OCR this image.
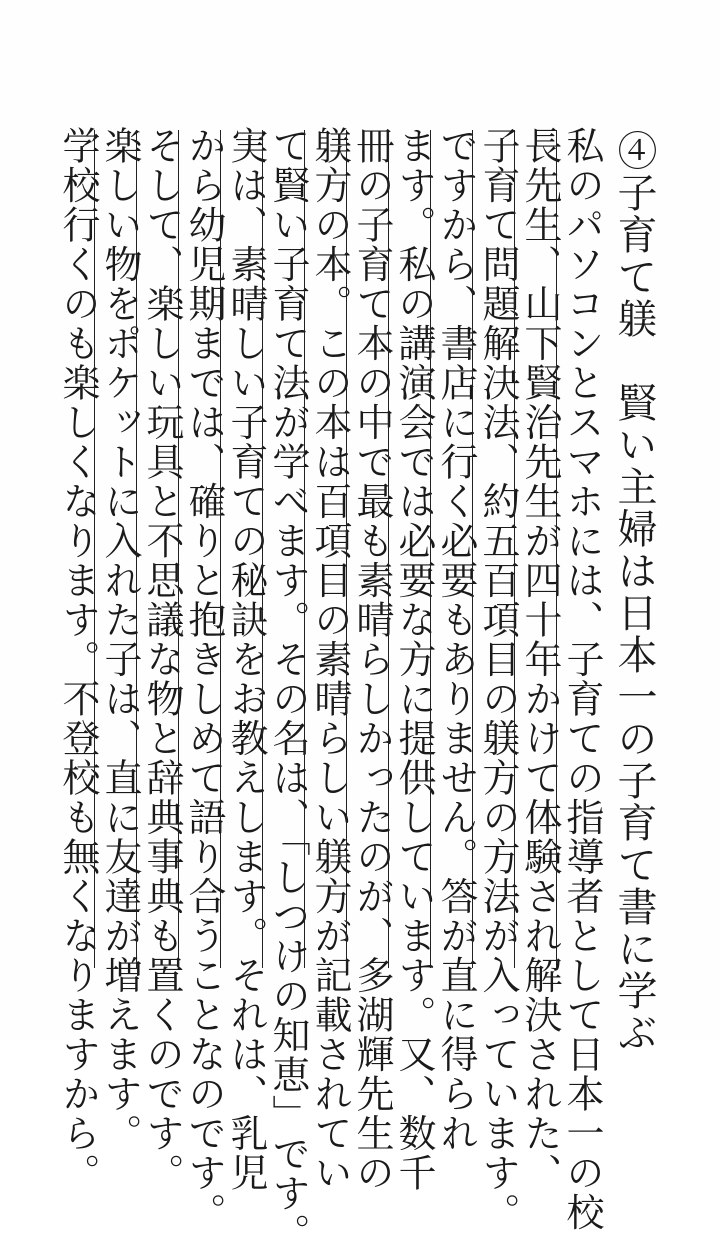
④子育て躾　賢い主婦は日本一の子育て書に学ぶ
私のパソコンとスマホには、子育ての指導者として日本一の校
長先生、山下賢治先生が四十年かけて体験され解決された、
子育て問題解決法、約五百項目の躾方の方法が入っています。
ですから、書店に行く必要もありません。答が直に得られ
ます。私の講演会では必要な方に提供しています。又、数千
冊の子育て本の中で最も素晴らしかったのが、多湖輝先生の
躾方の本。この本は百項目の素晴らしい躾方が記載されてい
て賢い子育て法が学べます。その名は、「しつけの知恵」です。
実は、素晴しい子育ての秘訣をお教えします。それは、乳児
から幼児期までは、確りと抱きしめて語り合うことなのです。
そして、楽しい玩具と不思議な物と辞典事典も置くのです。
楽しい物をポケットに入れた子は、直に友達が増えます。
学校行くのも楽しくなります。不登校も無くなりますから。
